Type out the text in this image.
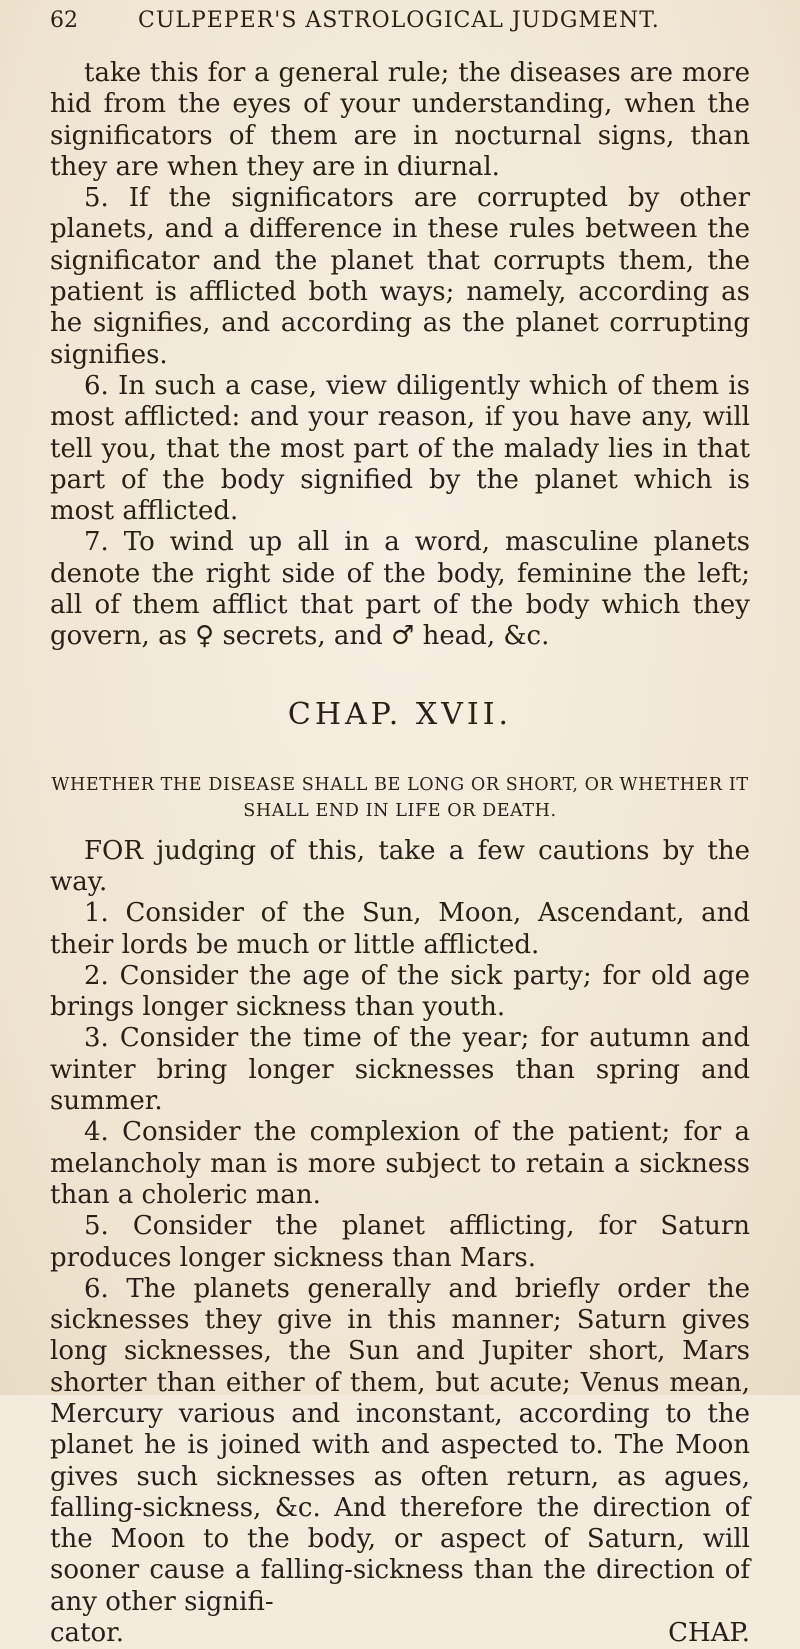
62	CULPEPER'S ASTROLOGICAL JUDGMENT.

take this for a general rule; the diseases are more hid from the eyes of your understanding, when the significators of them are in nocturnal signs, than they are when they are in diurnal.

5. If the significators are corrupted by other planets, and a difference in these rules between the significator and the planet that corrupts them, the patient is afflicted both ways; namely, according as he signifies, and according as the planet corrupting signifies.

6. In such a case, view diligently which of them is most afflicted: and your reason, if you have any, will tell you, that the most part of the malady lies in that part of the body signified by the planet which is most afflicted.

7. To wind up all in a word, masculine planets denote the right side of the body, feminine the left; all of them afflict that part of the body which they govern, as ♀ secrets, and ♂ head, &c.

CHAP. XVII.
WHETHER THE DISEASE SHALL BE LONG OR SHORT, OR WHETHER IT SHALL END IN LIFE OR DEATH.

FOR judging of this, take a few cautions by the way.

1. Consider of the Sun, Moon, Ascendant, and their lords be much or little afflicted.

2. Consider the age of the sick party; for old age brings longer sickness than youth.

3. Consider the time of the year; for autumn and winter bring longer sicknesses than spring and summer.

4. Consider the complexion of the patient; for a melancholy man is more subject to retain a sickness than a choleric man.

5. Consider the planet afflicting, for Saturn produces longer sickness than Mars.

6. The planets generally and briefly order the sicknesses they give in this manner; Saturn gives long sicknesses, the Sun and Jupiter short, Mars shorter than either of them, but acute; Venus mean, Mercury various and inconstant, according to the planet he is joined with and aspected to. The Moon gives such sicknesses as often return, as agues, falling-sickness, &c. And therefore the direction of the Moon to the body, or aspect of Saturn, will sooner cause a falling-sickness than the direction of any other signifi-

cator.	CHAP.
